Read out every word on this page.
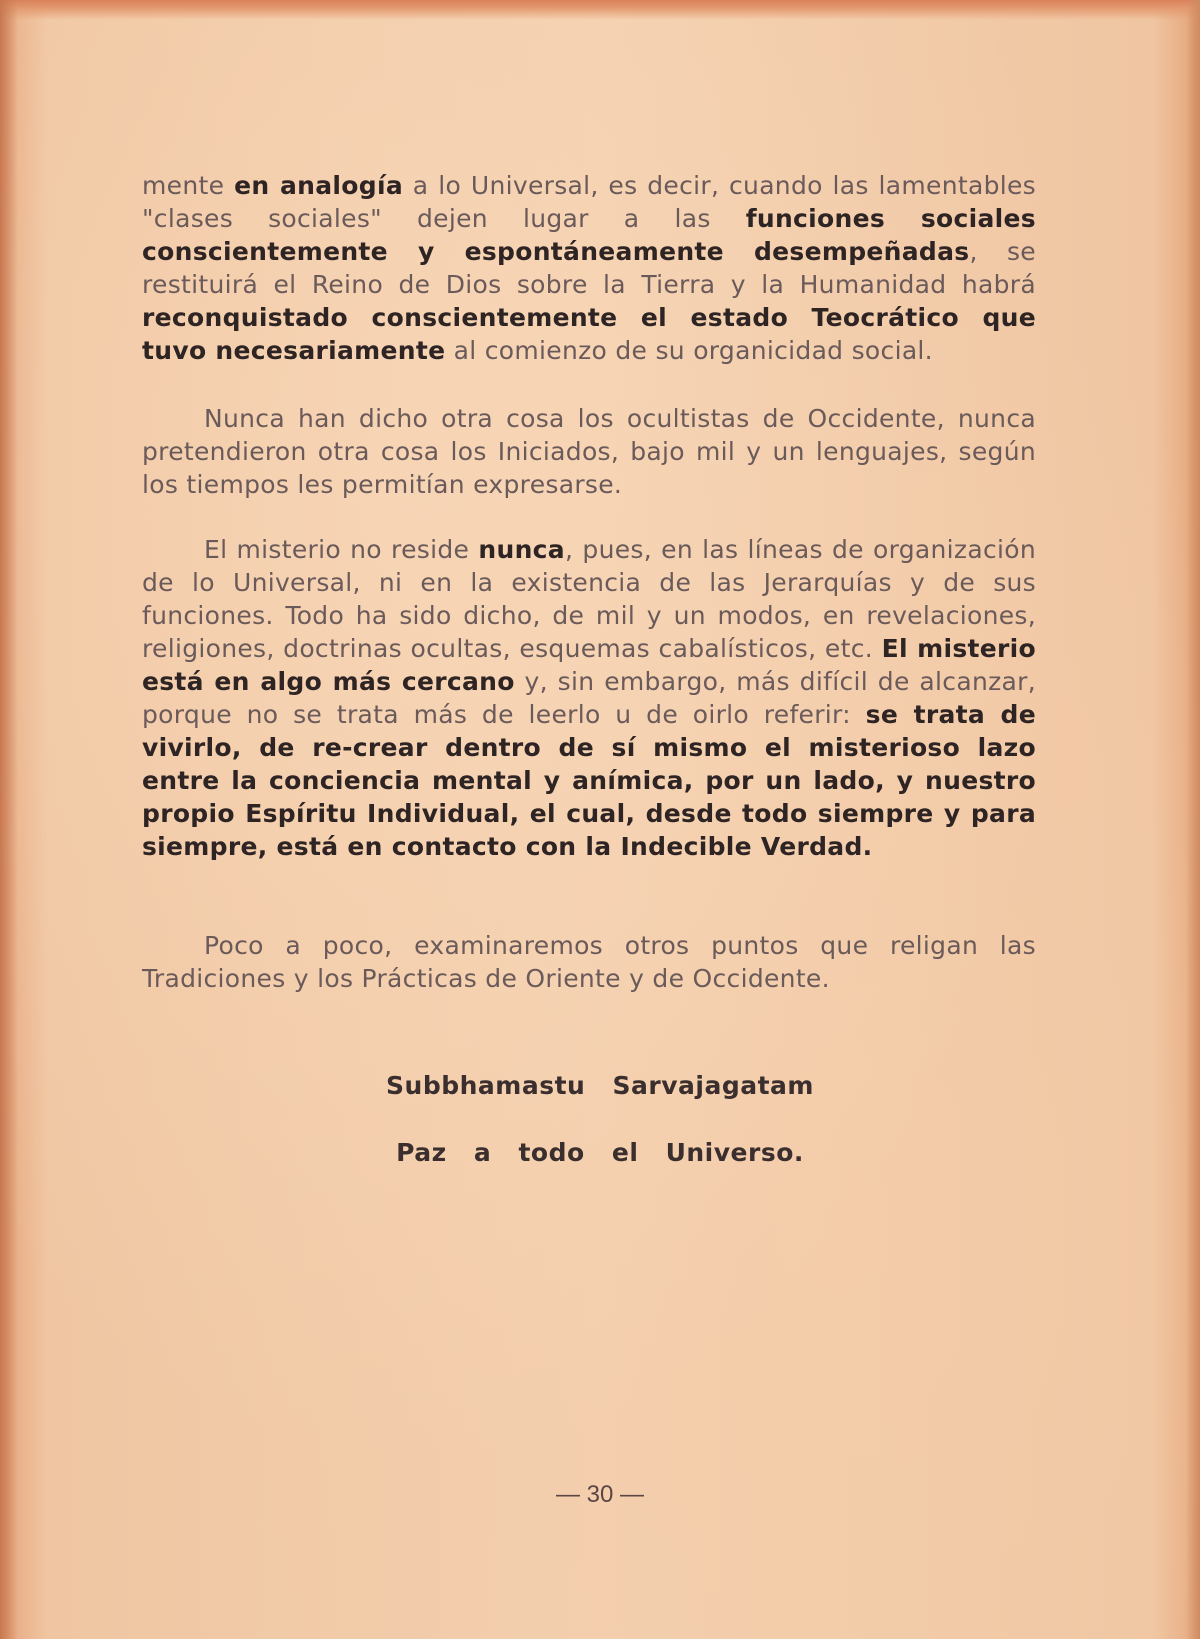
mente en analogía a lo Universal, es decir, cuando las lamentables "clases sociales" dejen lugar a las funciones sociales conscientemente y espontáneamente desempeñadas, se restituirá el Reino de Dios sobre la Tierra y la Humanidad habrá reconquistado conscientemente el estado Teocrático que tuvo necesariamente al comienzo de su organicidad social.
Nunca han dicho otra cosa los ocultistas de Occidente, nunca pretendieron otra cosa los Iniciados, bajo mil y un lenguajes, según los tiempos les permitían expresarse.
El misterio no reside nunca, pues, en las líneas de organización de lo Universal, ni en la existencia de las Jerarquías y de sus funciones. Todo ha sido dicho, de mil y un modos, en revelaciones, religiones, doctrinas ocultas, esquemas cabalísticos, etc. El misterio está en algo más cercano y, sin embargo, más difícil de alcanzar, porque no se trata más de leerlo u de oirlo referir: se trata de vivirlo, de re-crear dentro de sí mismo el misterioso lazo entre la conciencia mental y anímica, por un lado, y nuestro propio Espíritu Individual, el cual, desde todo siempre y para siempre, está en contacto con la Indecible Verdad.
Poco a poco, examinaremos otros puntos que religan las Tradiciones y los Prácticas de Oriente y de Occidente.
Subbhamastu Sarvajagatam
Paz a todo el Universo.
— 30 —
